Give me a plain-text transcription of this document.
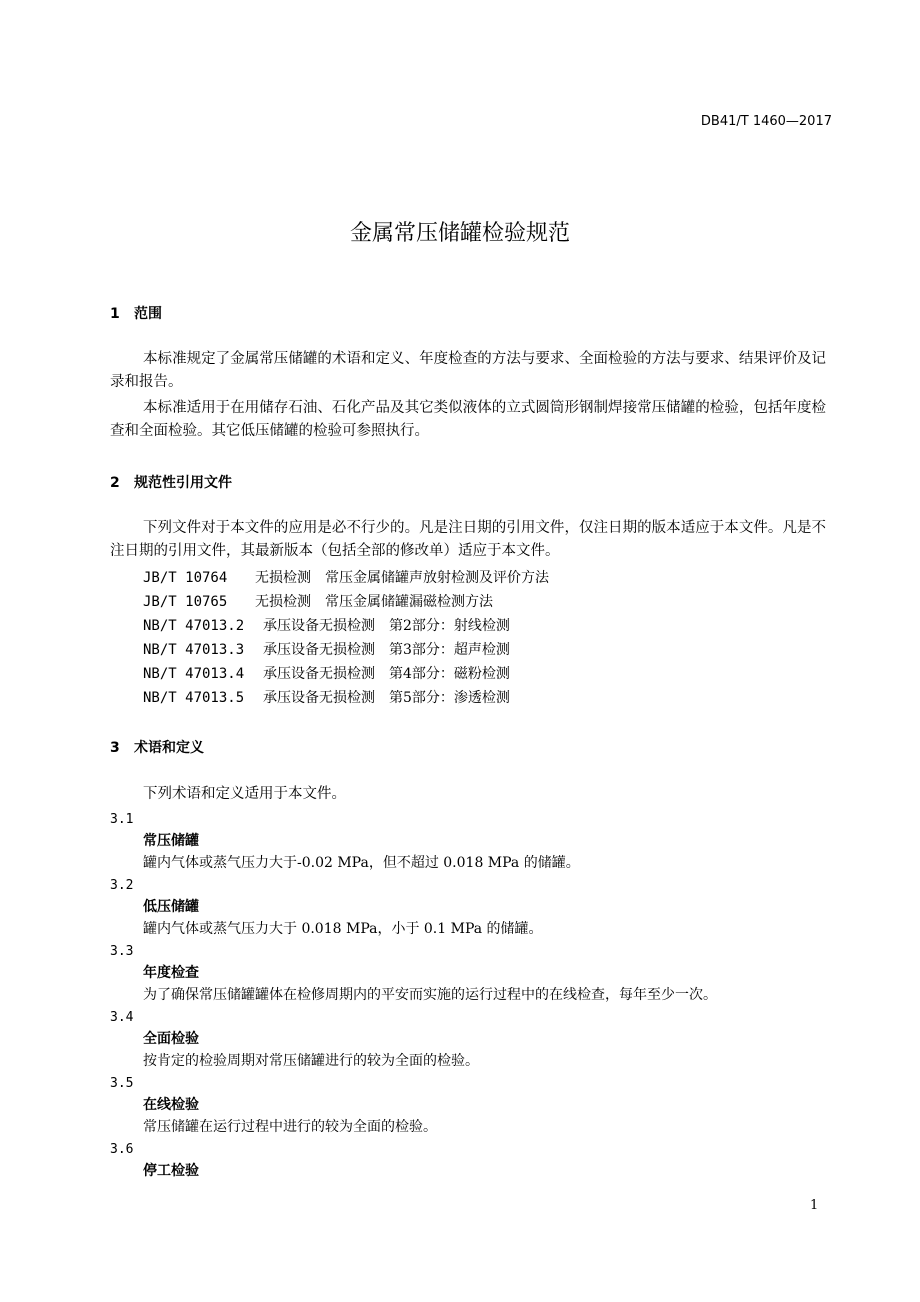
DB41/T 1460—2017
金属常压储罐检验规范
1 范围
本标准规定了金属常压储罐的术语和定义、年度检查的方法与要求、全面检验的方法与要求、结果评价及记录和报告。
本标准适用于在用储存石油、石化产品及其它类似液体的立式圆筒形钢制焊接常压储罐的检验，包括年度检查和全面检验。其它低压储罐的检验可参照执行。
2 规范性引用文件
下列文件对于本文件的应用是必不行少的。凡是注日期的引用文件，仅注日期的版本适应于本文件。凡是不注日期的引用文件，其最新版本（包括全部的修改单）适应于本文件。
JB/T 10764 无损检测　常压金属储罐声放射检测及评价方法
JB/T 10765 无损检测　常压金属储罐漏磁检测方法
NB/T 47013.2 承压设备无损检测　第2部分：射线检测
NB/T 47013.3 承压设备无损检测　第3部分：超声检测
NB/T 47013.4 承压设备无损检测　第4部分：磁粉检测
NB/T 47013.5 承压设备无损检测　第5部分：渗透检测
3 术语和定义
下列术语和定义适用于本文件。
3.1
常压储罐
罐内气体或蒸气压力大于-0.02 MPa，但不超过 0.018 MPa 的储罐。
3.2
低压储罐
罐内气体或蒸气压力大于 0.018 MPa，小于 0.1 MPa 的储罐。
3.3
年度检查
为了确保常压储罐罐体在检修周期内的平安而实施的运行过程中的在线检查，每年至少一次。
3.4
全面检验
按肯定的检验周期对常压储罐进行的较为全面的检验。
3.5
在线检验
常压储罐在运行过程中进行的较为全面的检验。
3.6
停工检验
1
